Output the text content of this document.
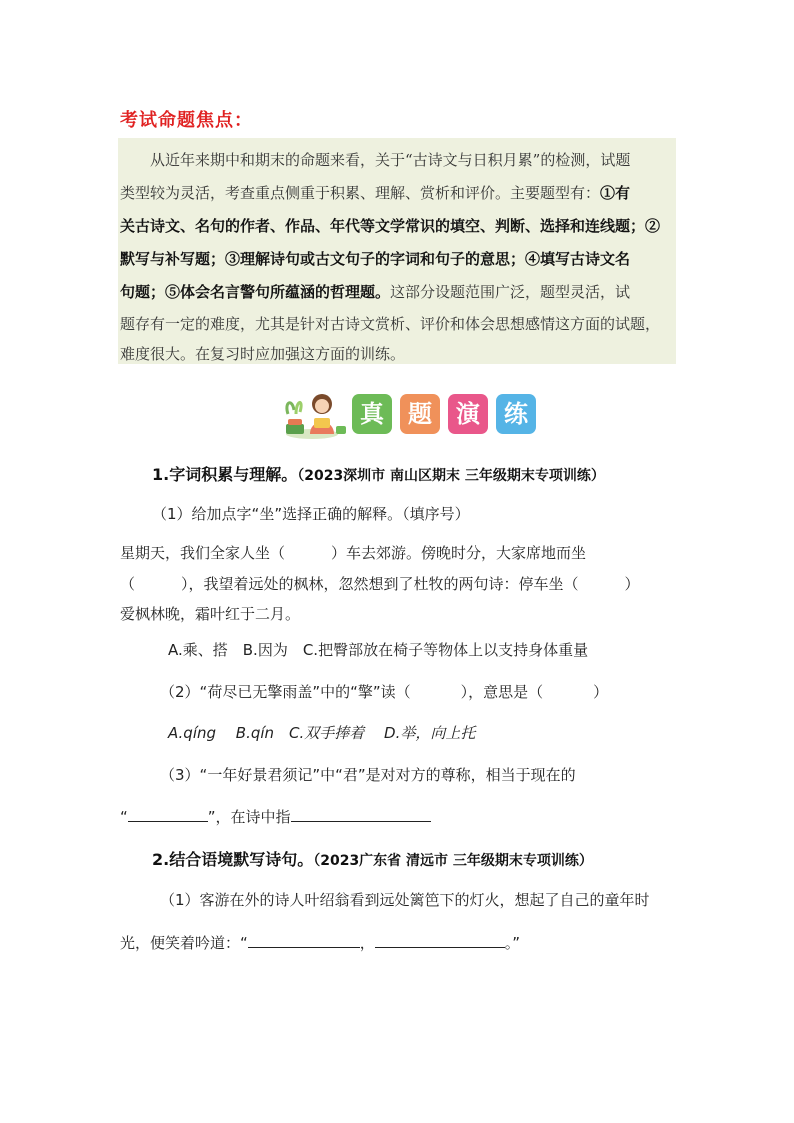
考试命题焦点：
从近年来期中和期末的命题来看，关于“古诗文与日积月累”的检测，试题
类型较为灵活，考查重点侧重于积累、理解、赏析和评价。主要题型有：①有
关古诗文、名句的作者、作品、年代等文学常识的填空、判断、选择和连线题；②
默写与补写题；③理解诗句或古文句子的字词和句子的意思；④填写古诗文名
句题；⑤体会名言警句所蕴涵的哲理题。这部分设题范围广泛，题型灵活，试
题存有一定的难度，尤其是针对古诗文赏析、评价和体会思想感情这方面的试题，
难度很大。在复习时应加强这方面的训练。
真	题	演	练
1.字词积累与理解。（2023深圳市 南山区期末 三年级期末专项训练）
（1）给加点字“坐”选择正确的解释。（填序号）
星期天，我们全家人坐（	）车去郊游。傍晚时分，大家席地而坐
（	），我望着远处的枫林，忽然想到了杜牧的两句诗：停车坐（	）
爱枫林晚，霜叶红于二月。
A.乘、搭　B.因为　C.把臀部放在椅子等物体上以支持身体重量
（2）“荷尽已无擎雨盖”中的“擎”读（	），意思是（	）
A.qíng　 B.qín　C.双手捧着　 D.举，向上托
（3）“一年好景君须记”中“君”是对对方的尊称，相当于现在的
“	”，在诗中指
2.结合语境默写诗句。（2023广东省 清远市 三年级期末专项训练）
（1）客游在外的诗人叶绍翁看到远处篱笆下的灯火，想起了自己的童年时
光，便笑着吟道：“	，	。”
